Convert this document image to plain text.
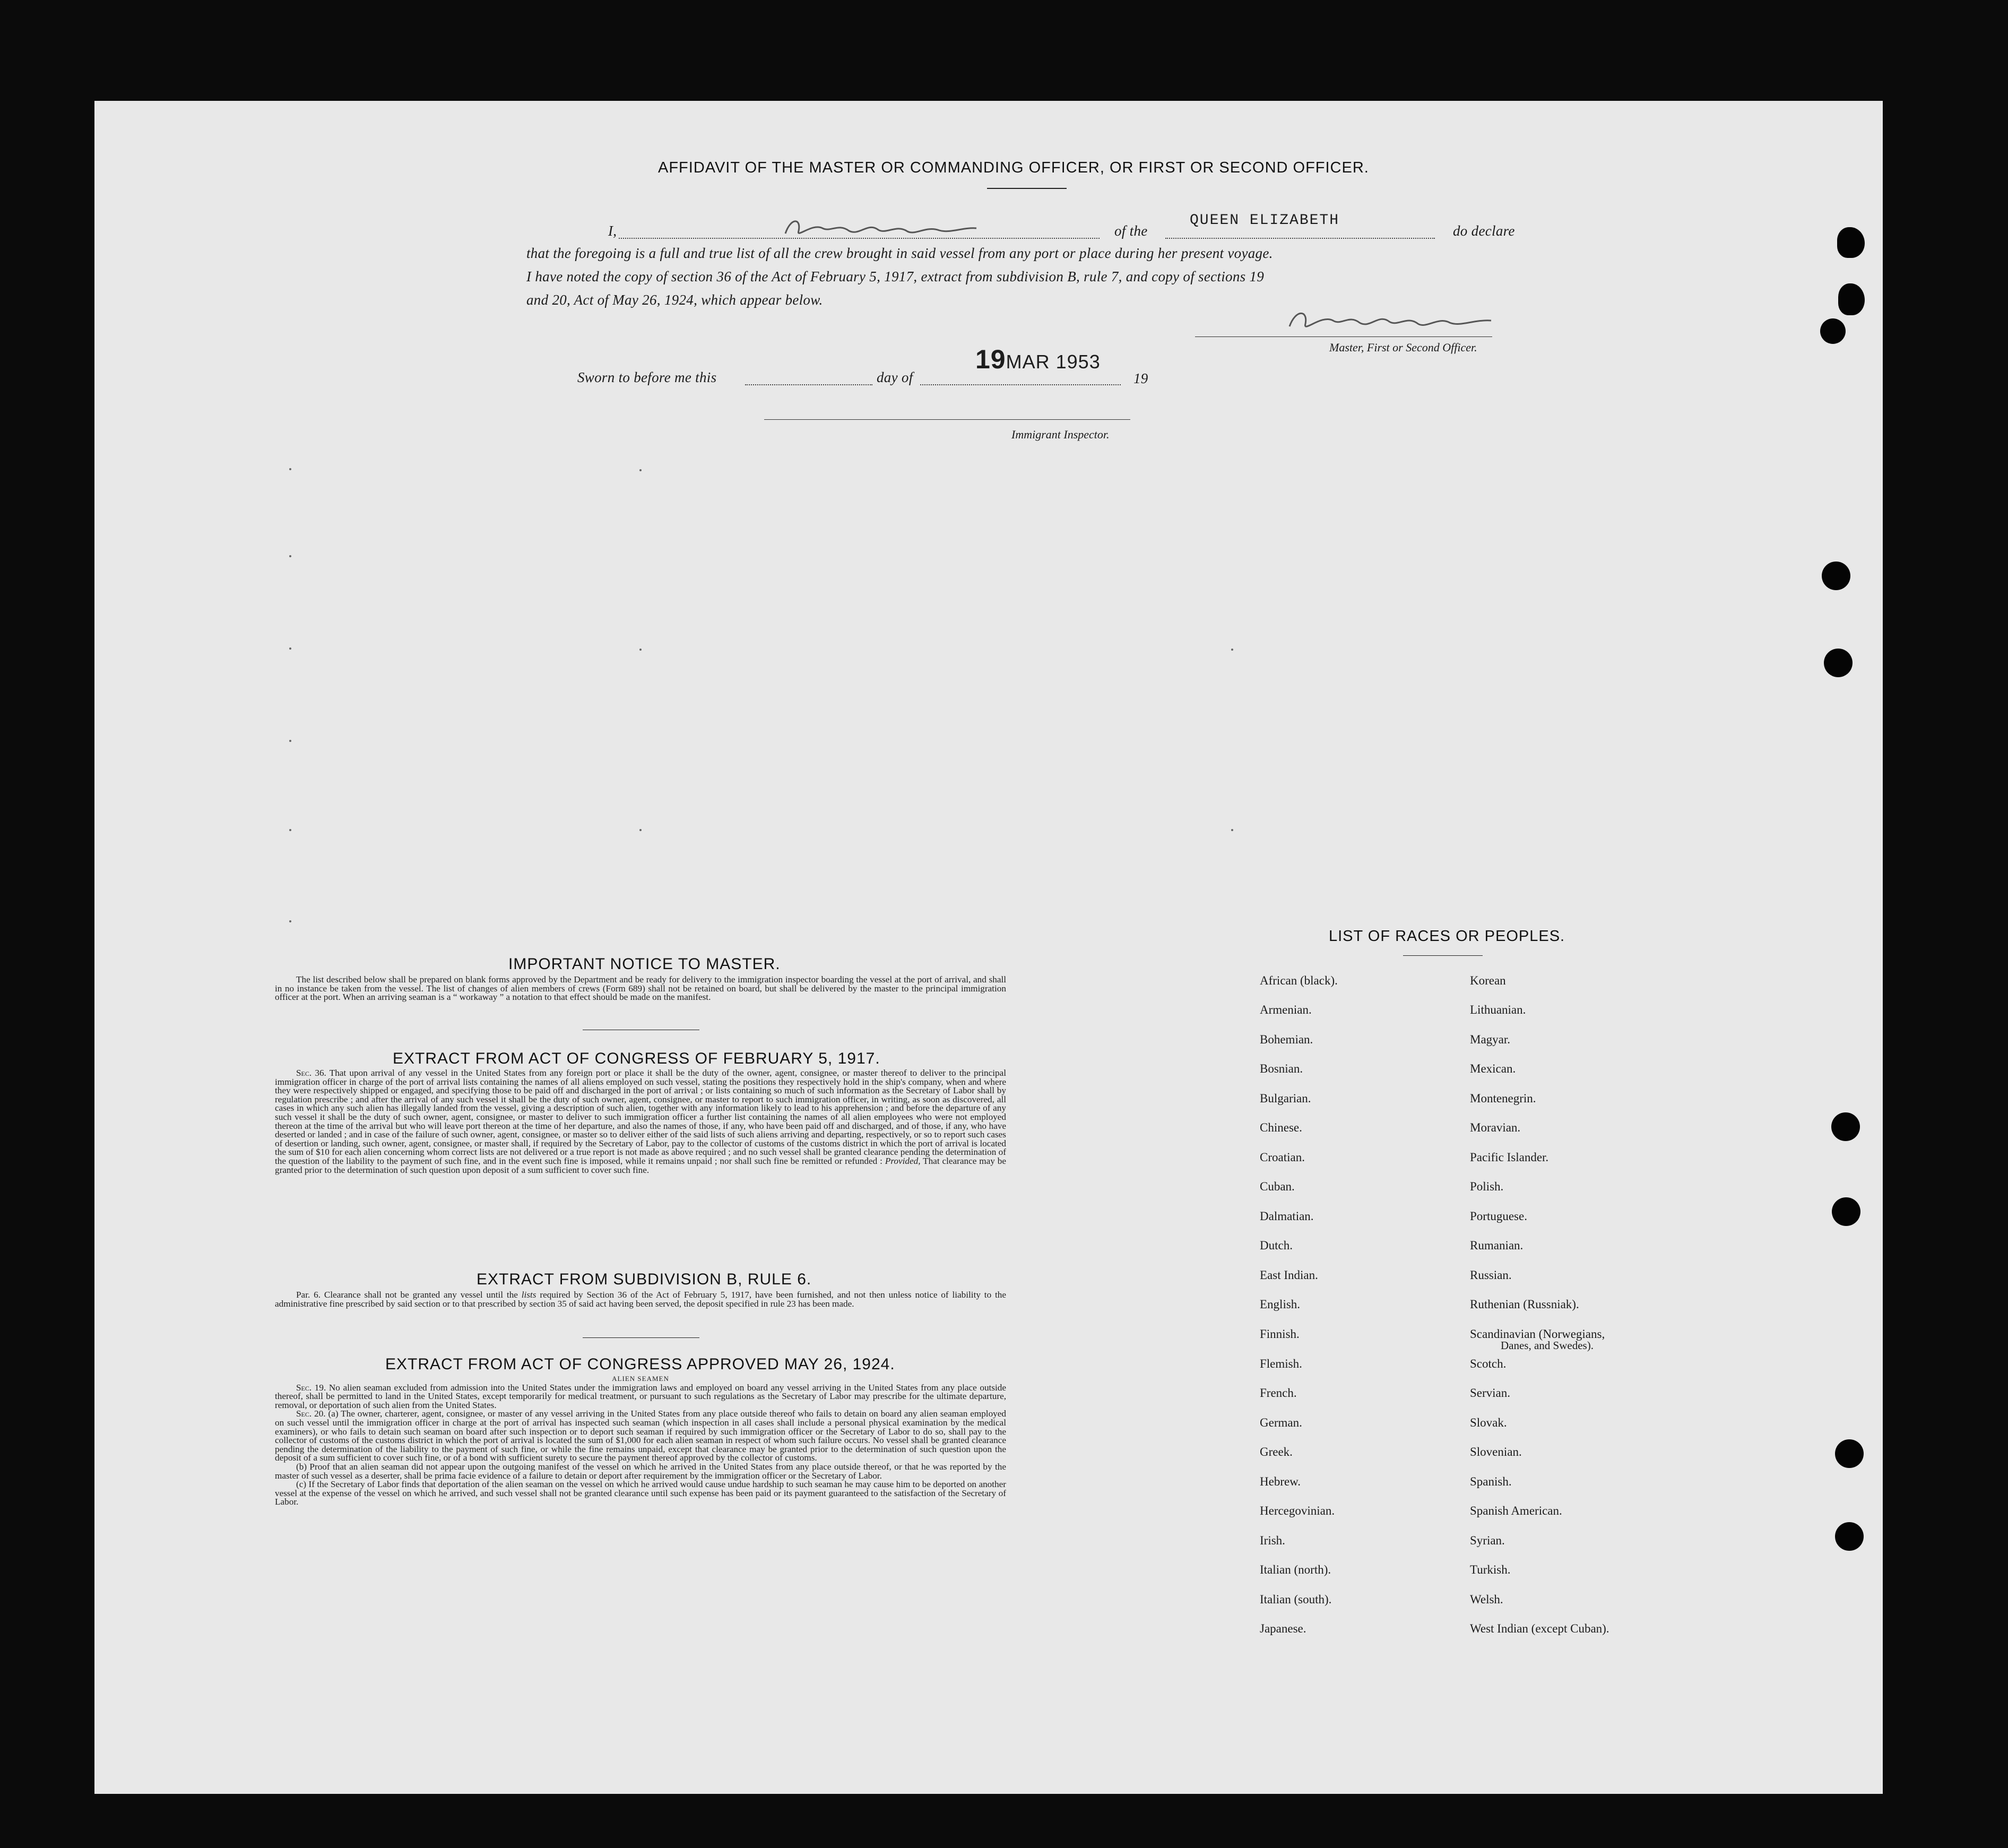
AFFIDAVIT OF THE MASTER OR COMMANDING OFFICER, OR FIRST OR SECOND OFFICER.
I,	of the
QUEEN ELIZABETH
do declare
that the foregoing is a full and true list of all the crew brought in said vessel from any port or place during her present voyage.
I have noted the copy of section 36 of the Act of February 5, 1917, extract from subdivision B, rule 7, and copy of sections 19
and 20, Act of May 26, 1924, which appear below.
Master, First or Second Officer.
Sworn to before me this	day of
19MAR 1953
19
Immigrant Inspector.
IMPORTANT NOTICE TO MASTER.

The list described below shall be prepared on blank forms approved by the Department and be ready for delivery to the immigration inspector boarding the vessel at the port of arrival, and shall in no instance be taken from the vessel. The list of changes of alien members of crews (Form 689) shall not be retained on board, but shall be delivered by the master to the principal immigration officer at the port. When an arriving seaman is a “ workaway ” a notation to that effect should be made on the manifest.

EXTRACT FROM ACT OF CONGRESS OF FEBRUARY 5, 1917.

Sec. 36. That upon arrival of any vessel in the United States from any foreign port or place it shall be the duty of the owner, agent, consignee, or master thereof to deliver to the principal immigration officer in charge of the port of arrival lists containing the names of all aliens employed on such vessel, stating the positions they respectively hold in the ship's company, when and where they were respectively shipped or engaged, and specifying those to be paid off and discharged in the port of arrival ; or lists containing so much of such information as the Secretary of Labor shall by regulation prescribe ; and after the arrival of any such vessel it shall be the duty of such owner, agent, consignee, or master to report to such immigration officer, in writing, as soon as discovered, all cases in which any such alien has illegally landed from the vessel, giving a description of such alien, together with any information likely to lead to his apprehension ; and before the departure of any such vessel it shall be the duty of such owner, agent, consignee, or master to deliver to such immigration officer a further list containing the names of all alien employees who were not employed thereon at the time of the arrival but who will leave port thereon at the time of her departure, and also the names of those, if any, who have been paid off and discharged, and of those, if any, who have deserted or landed ; and in case of the failure of such owner, agent, consignee, or master so to deliver either of the said lists of such aliens arriving and departing, respectively, or so to report such cases of desertion or landing, such owner, agent, consignee, or master shall, if required by the Secretary of Labor, pay to the collector of customs of the customs district in which the port of arrival is located the sum of $10 for each alien concerning whom correct lists are not delivered or a true report is not made as above required ; and no such vessel shall be granted clearance pending the determination of the question of the liability to the payment of such fine, and in the event such fine is imposed, while it remains unpaid ; nor shall such fine be remitted or refunded : Provided, That clearance may be granted prior to the determination of such question upon deposit of a sum sufficient to cover such fine.

EXTRACT FROM SUBDIVISION B, RULE 6.

Par. 6. Clearance shall not be granted any vessel until the lists required by Section 36 of the Act of February 5, 1917, have been furnished, and not then unless notice of liability to the administrative fine prescribed by said section or to that prescribed by section 35 of said act having been served, the deposit specified in rule 23 has been made.

EXTRACT FROM ACT OF CONGRESS APPROVED MAY 26, 1924.

ALIEN SEAMEN

Sec. 19. No alien seaman excluded from admission into the United States under the immigration laws and employed on board any vessel arriving in the United States from any place outside thereof, shall be permitted to land in the United States, except temporarily for medical treatment, or pursuant to such regulations as the Secretary of Labor may prescribe for the ultimate departure, removal, or deportation of such alien from the United States.

Sec. 20. (a) The owner, charterer, agent, consignee, or master of any vessel arriving in the United States from any place outside thereof who fails to detain on board any alien seaman employed on such vessel until the immigration officer in charge at the port of arrival has inspected such seaman (which inspection in all cases shall include a personal physical examination by the medical examiners), or who fails to detain such seaman on board after such inspection or to deport such seaman if required by such immigration officer or the Secretary of Labor to do so, shall pay to the collector of customs of the customs district in which the port of arrival is located the sum of $1,000 for each alien seaman in respect of whom such failure occurs. No vessel shall be granted clearance pending the determination of the liability to the payment of such fine, or while the fine remains unpaid, except that clearance may be granted prior to the determination of such question upon the deposit of a sum sufficient to cover such fine, or of a bond with sufficient surety to secure the payment thereof approved by the collector of customs.

(b) Proof that an alien seaman did not appear upon the outgoing manifest of the vessel on which he arrived in the United States from any place outside thereof, or that he was reported by the master of such vessel as a deserter, shall be prima facie evidence of a failure to detain or deport after requirement by the immigration officer or the Secretary of Labor.

(c) If the Secretary of Labor finds that deportation of the alien seaman on the vessel on which he arrived would cause undue hardship to such seaman he may cause him to be deported on another vessel at the expense of the vessel on which he arrived, and such vessel shall not be granted clearance until such expense has been paid or its payment guaranteed to the satisfaction of the Secretary of Labor.

LIST OF RACES OR PEOPLES.
African (black).
Armenian.
Bohemian.
Bosnian.
Bulgarian.
Chinese.
Croatian.
Cuban.
Dalmatian.
Dutch.
East Indian.
English.
Finnish.
Flemish.
French.
German.
Greek.
Hebrew.
Hercegovinian.
Irish.
Italian (north).
Italian (south).
Japanese.
Korean
Lithuanian.
Magyar.
Mexican.
Montenegrin.
Moravian.
Pacific Islander.
Polish.
Portuguese.
Rumanian.
Russian.
Ruthenian (Russniak).
Scandinavian (Norwegians,
Danes, and Swedes).
Scotch.
Servian.
Slovak.
Slovenian.
Spanish.
Spanish American.
Syrian.
Turkish.
Welsh.
West Indian (except Cuban).
